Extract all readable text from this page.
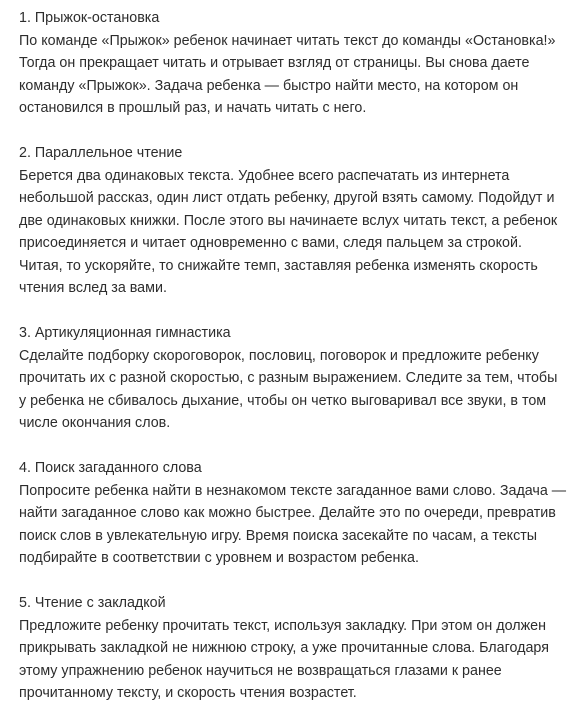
1. Прыжок-остановка
По команде «Прыжок» ребенок начинает читать текст до команды «Остановка!»
Тогда он прекращает читать и отрывает взгляд от страницы. Вы снова даете
команду «Прыжок». Задача ребенка — быстро найти место, на котором он
остановился в прошлый раз, и начать читать с него.
2. Параллельное чтение
Берется два одинаковых текста. Удобнее всего распечатать из интернета
небольшой рассказ, один лист отдать ребенку, другой взять самому. Подойдут и
две одинаковых книжки. После этого вы начинаете вслух читать текст, а ребенок
присоединяется и читает одновременно с вами, следя пальцем за строкой.
Читая, то ускоряйте, то снижайте темп, заставляя ребенка изменять скорость
чтения вслед за вами.
3. Артикуляционная гимнастика
Сделайте подборку скороговорок, пословиц, поговорок и предложите ребенку
прочитать их с разной скоростью, с разным выражением. Следите за тем, чтобы
у ребенка не сбивалось дыхание, чтобы он четко выговаривал все звуки, в том
числе окончания слов.
4. Поиск загаданного слова
Попросите ребенка найти в незнакомом тексте загаданное вами слово. Задача —
найти загаданное слово как можно быстрее. Делайте это по очереди, превратив
поиск слов в увлекательную игру. Время поиска засекайте по часам, а тексты
подбирайте в соответствии с уровнем и возрастом ребенка.
5. Чтение с закладкой
Предложите ребенку прочитать текст, используя закладку. При этом он должен
прикрывать закладкой не нижнюю строку, а уже прочитанные слова. Благодаря
этому упражнению ребенок научиться не возвращаться глазами к ранее
прочитанному тексту, и скорость чтения возрастет.
